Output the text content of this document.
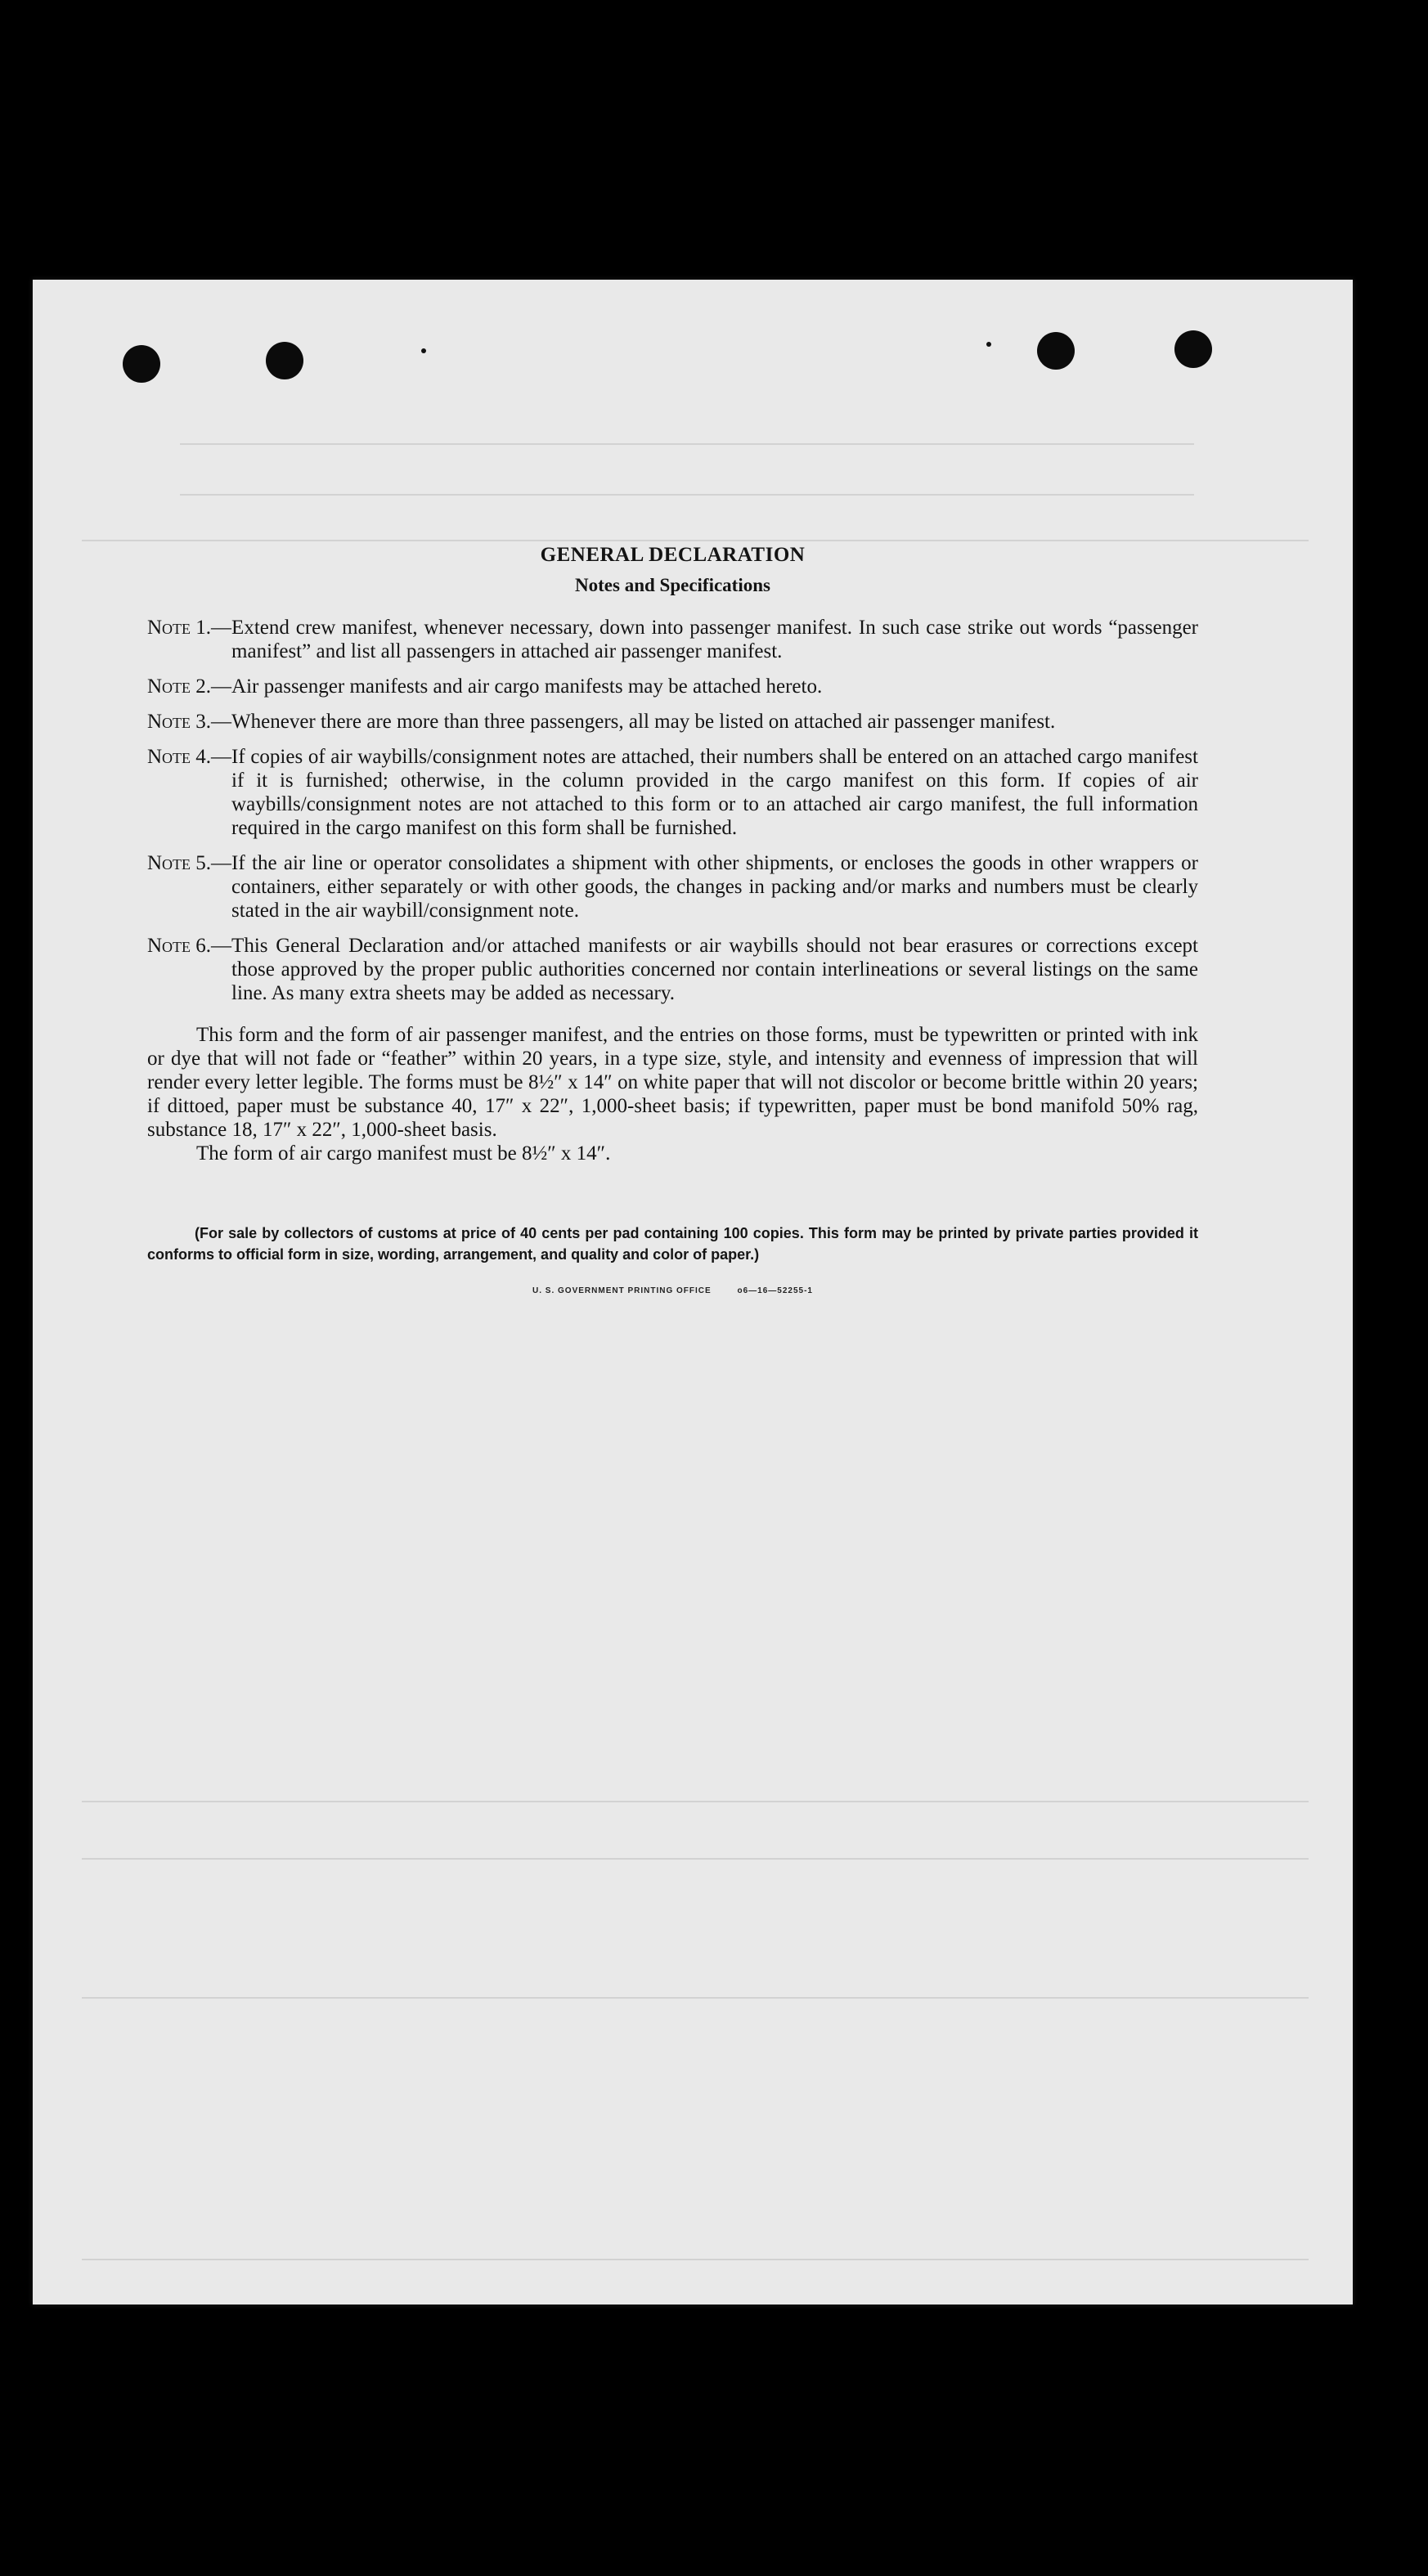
GENERAL DECLARATION
Notes and Specifications
Note 1. — Extend crew manifest, whenever necessary, down into passenger manifest. In such case strike out words “passenger manifest” and list all passengers in attached air passenger manifest.
Note 2. — Air passenger manifests and air cargo manifests may be attached hereto.
Note 3. — Whenever there are more than three passengers, all may be listed on attached air passenger manifest.
Note 4. — If copies of air waybills/consignment notes are attached, their numbers shall be entered on an attached cargo manifest if it is furnished; otherwise, in the column provided in the cargo manifest on this form. If copies of air waybills/consignment notes are not attached to this form or to an attached air cargo manifest, the full information required in the cargo manifest on this form shall be furnished.
Note 5. — If the air line or operator consolidates a shipment with other shipments, or encloses the goods in other wrappers or containers, either separately or with other goods, the changes in packing and/or marks and numbers must be clearly stated in the air waybill/consignment note.
Note 6. — This General Declaration and/or attached manifests or air waybills should not bear erasures or corrections except those approved by the proper public authorities concerned nor contain interlineations or several listings on the same line. As many extra sheets may be added as necessary.

This form and the form of air passenger manifest, and the entries on those forms, must be typewritten or printed with ink or dye that will not fade or “feather” within 20 years, in a type size, style, and intensity and evenness of impression that will render every letter legible. The forms must be 8½″ x 14″ on white paper that will not discolor or become brittle within 20 years; if dittoed, paper must be substance 40, 17″ x 22″, 1,000-sheet basis; if typewritten, paper must be bond manifold 50% rag, substance 18, 17″ x 22″, 1,000-sheet basis.

The form of air cargo manifest must be 8½″ x 14″.

(For sale by collectors of customs at price of 40 cents per pad containing 100 copies. This form may be printed by private parties provided it conforms to official form in size, wording, arrangement, and quality and color of paper.)

U. S. GOVERNMENT PRINTING OFFICE	o6—16—52255-1
